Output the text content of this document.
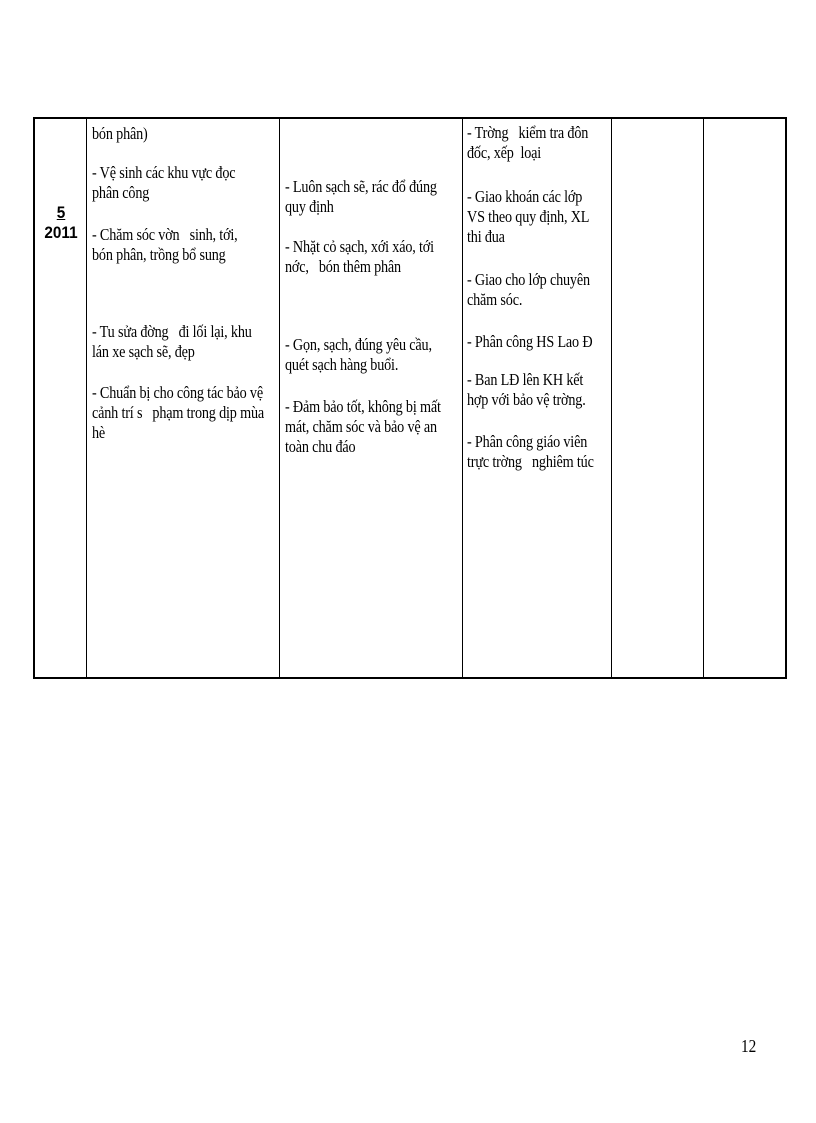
5
2011

bón phân)

- Vệ sinh các khu vực đọc
phân công

- Chăm sóc vờn   sinh, tới,
bón phân, trồng bổ sung

- Tu sửa đờng   đi lối lại, khu
lán xe sạch sẽ, đẹp

- Chuẩn bị cho công tác bảo vệ
cảnh trí s   phạm trong dịp mùa
hè

- Luôn sạch sẽ, rác đổ đúng
quy định

- Nhặt cỏ sạch, xới xáo, tới
nớc,   bón thêm phân

- Gọn, sạch, đúng yêu cầu,
quét sạch hàng buổi.

- Đảm bảo tốt, không bị mất
mát, chăm sóc và bảo vệ an
toàn chu đáo

- Trờng   kiểm tra đôn
đốc, xếp  loại

- Giao khoán các lớp
VS theo quy định, XL
thi đua

- Giao cho lớp chuyên
chăm sóc.

- Phân công HS Lao Đ

- Ban LĐ lên KH kết
hợp với bảo vệ trờng.

- Phân công giáo viên
trực trờng   nghiêm túc

12
